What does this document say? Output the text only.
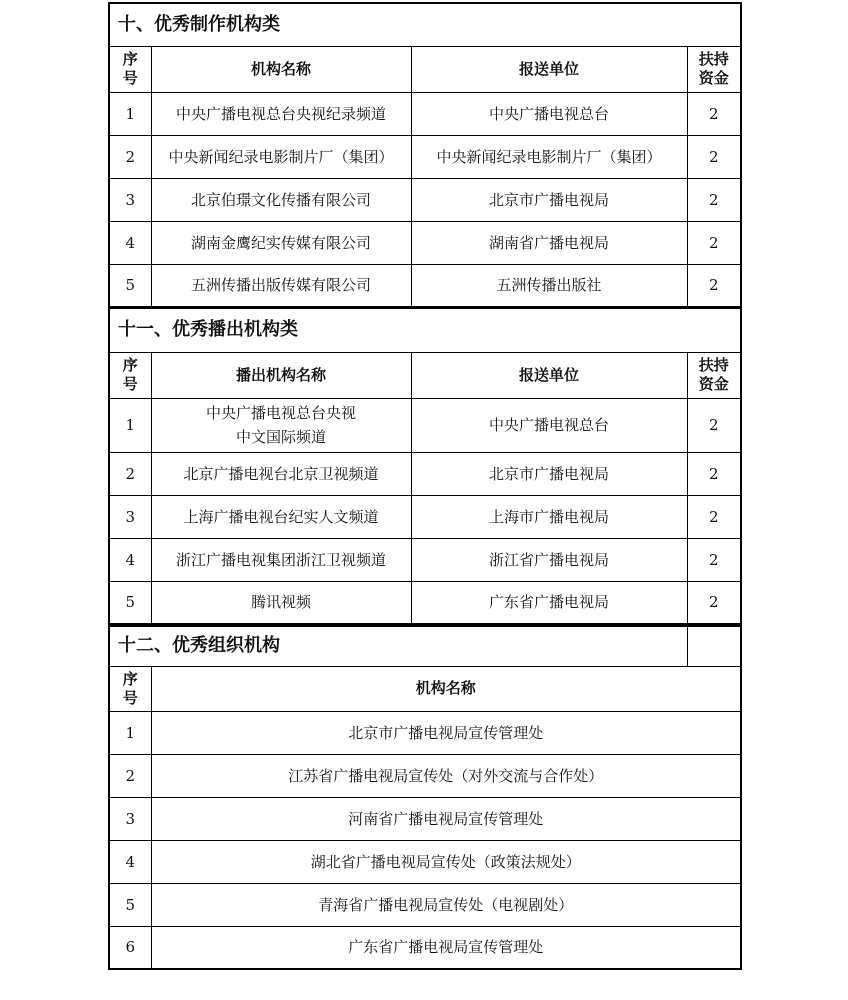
十、优秀制作机构类			

序
号	机构名称	报送单位	扶持
资金

1	中央广播电视总台央视纪录频道	中央广播电视总台	2
2	中央新闻纪录电影制片厂（集团）	中央新闻纪录电影制片厂（集团）	2
3	北京伯璟文化传播有限公司	北京市广播电视局	2
4	湖南金鹰纪实传媒有限公司	湖南省广播电视局	2
5	五洲传播出版传媒有限公司	五洲传播出版社	2
十一、优秀播出机构类			

序
号	播出机构名称	报送单位	扶持
资金

1	中央广播电视总台央视
中文国际频道	中央广播电视总台	2
2	北京广播电视台北京卫视频道	北京市广播电视局	2
3	上海广播电视台纪实人文频道	上海市广播电视局	2
4	浙江广播电视集团浙江卫视频道	浙江省广播电视局	2
5	腾讯视频	广东省广播电视局	2
十二、优秀组织机构		

序
号	机构名称	
1	北京市广播电视局宣传管理处	
2	江苏省广播电视局宣传处（对外交流与合作处）	
3	河南省广播电视局宣传管理处	
4	湖北省广播电视局宣传处（政策法规处）	
5	青海省广播电视局宣传处（电视剧处）	
6	广东省广播电视局宣传管理处	
